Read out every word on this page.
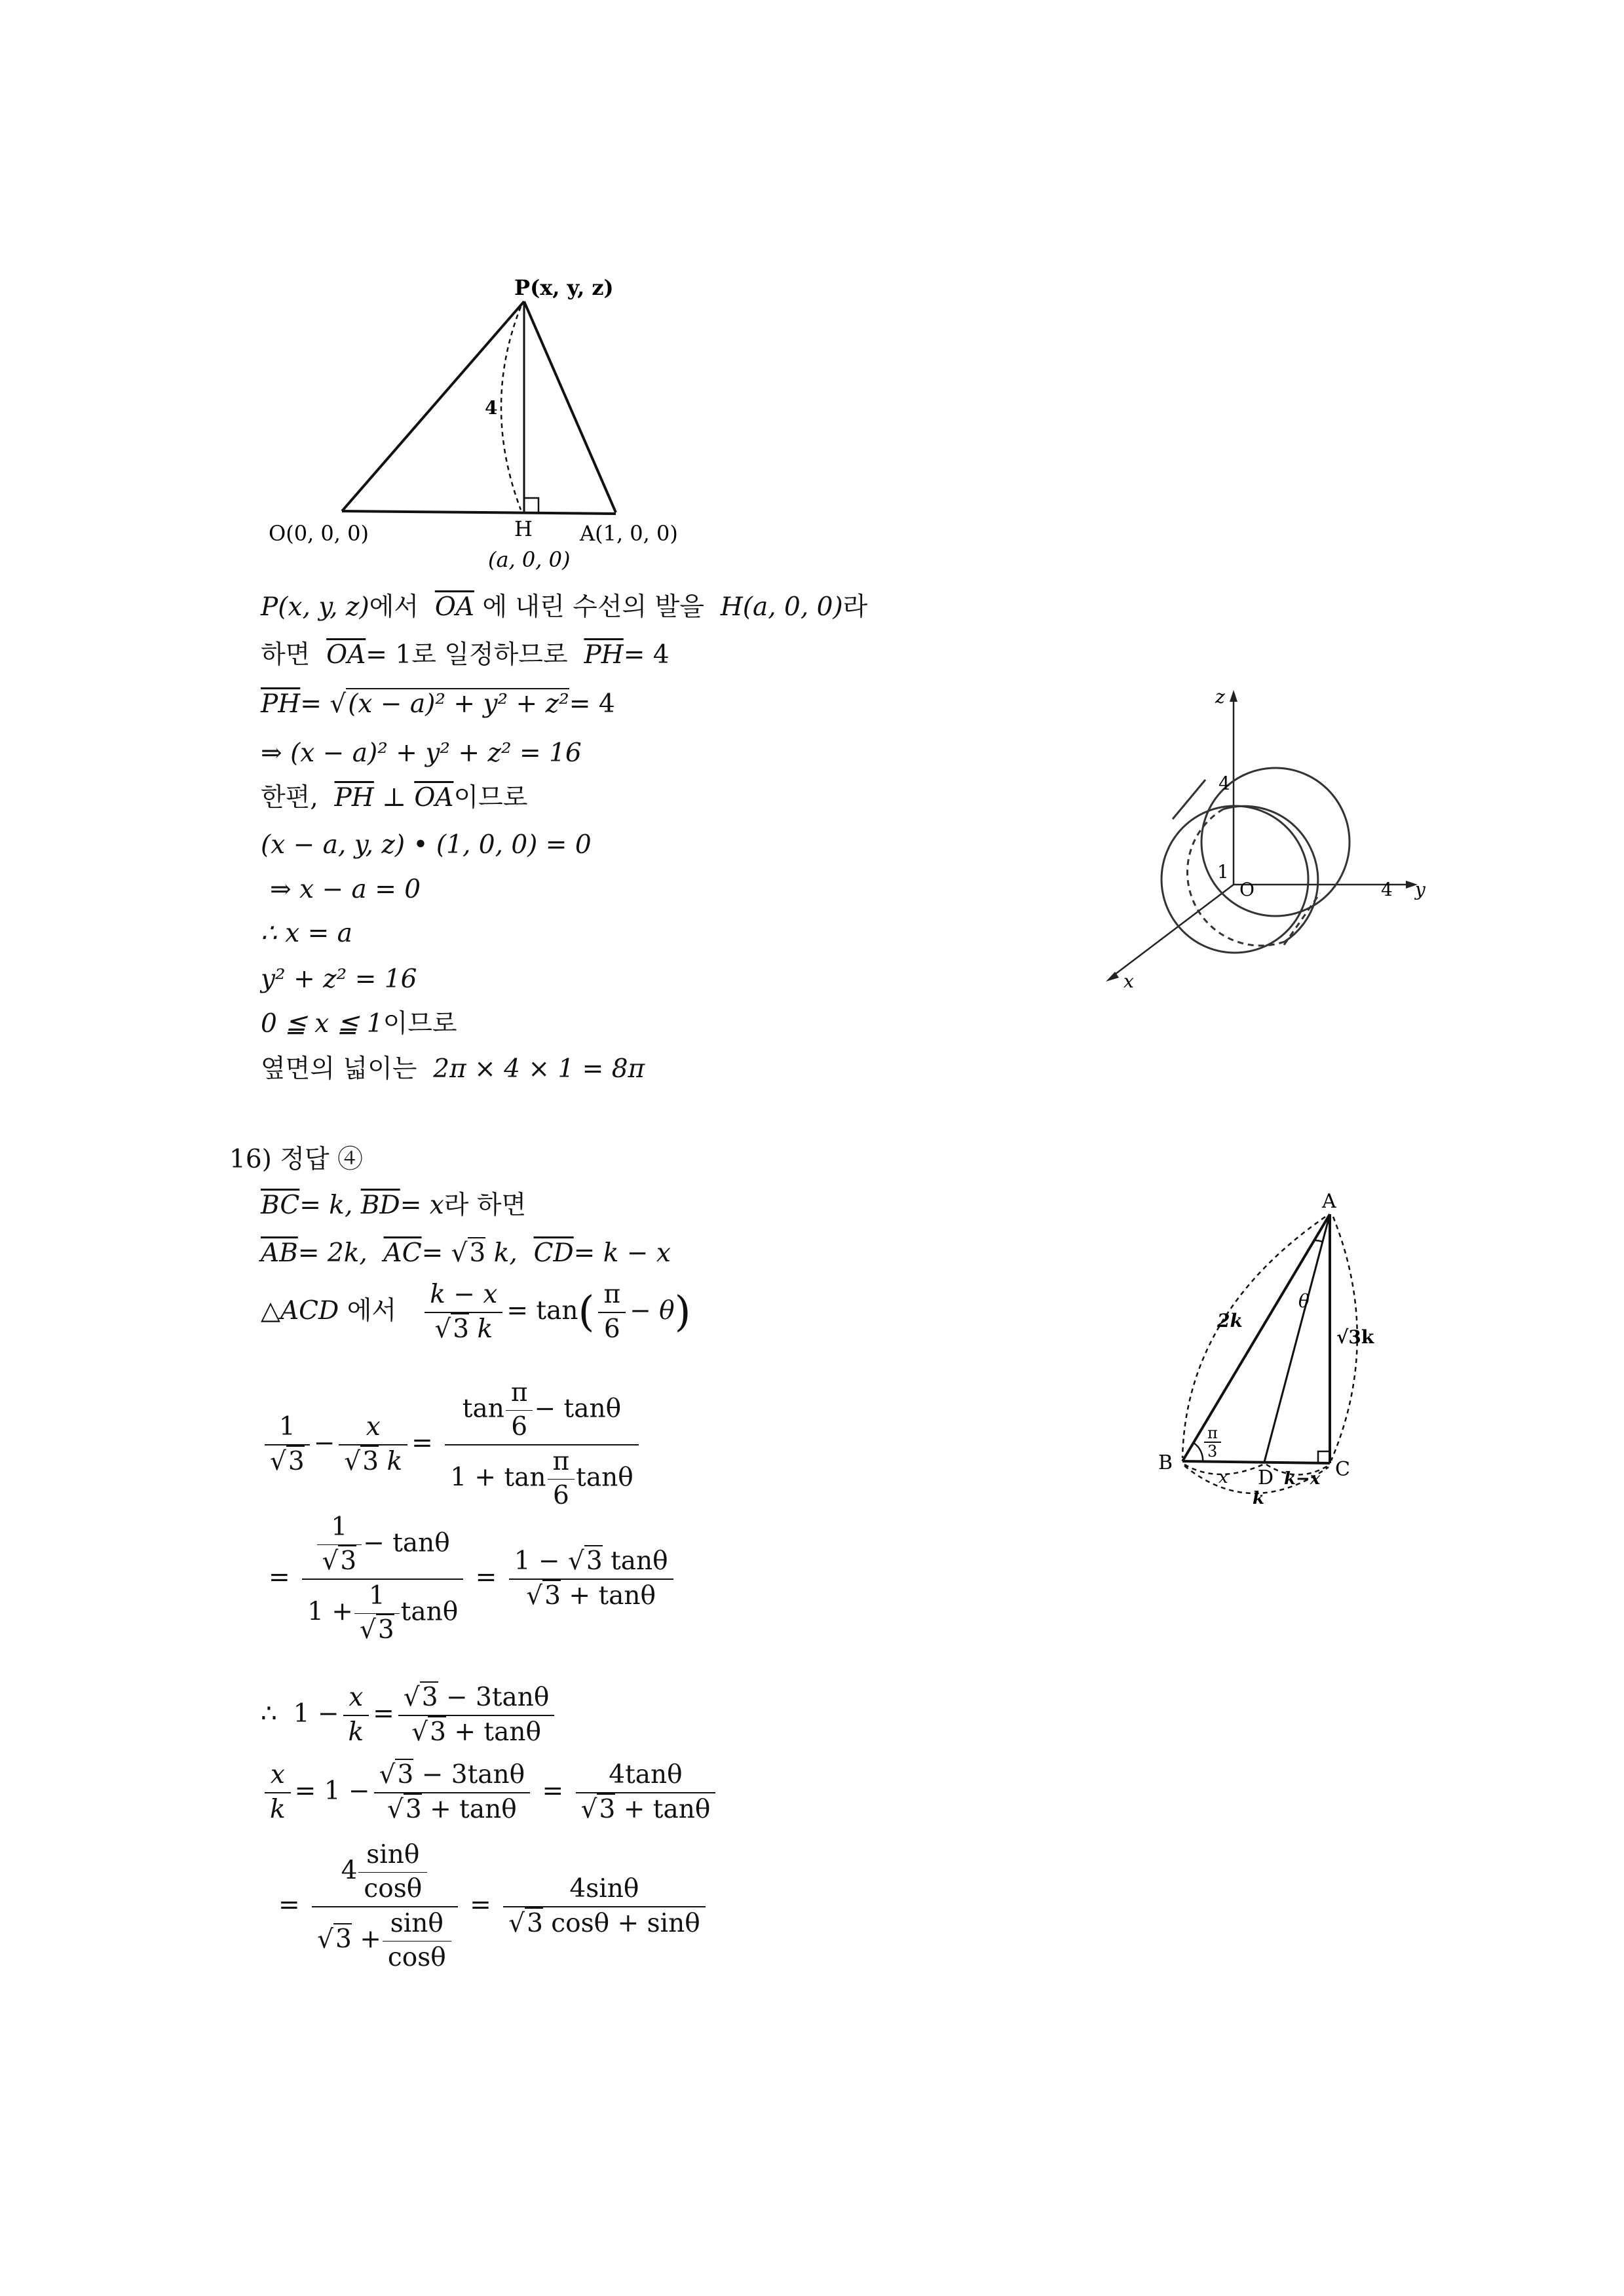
P(x, y, z)
4
O(0, 0, 0)	H
(a, 0, 0)
A(1, 0, 0)
P(x, y, z)에서 $\overline{OA}$ 에 내린 수선의 발을 H(a, 0, 0)라
하면 $\overline{OA}= 1$로 일정하므로 $\overline{PH}= 4$
$\overline{PH}= √(x - a)^2 + y^2 + z^2= 4$
⇒ (x − a)² + y² + z² = 16
한편, $\overline{PH}$ ⊥ $\overline{OA}$이므로
(x − a, y, z) • (1, 0, 0) = 0
⇒ x − a = 0
∴ x = a
y² + z² = 16
0 ≦ x ≦ 1이므로
옆면의 넓이는 2π × 4 × 1 = 8π
z
y
x
O
4
4
1
16) 정답 ④
$\overline{BC}= k$, $\overline{BD}= x$라 하면
$\overline{AB}= 2k$, $\overline{AC}= √3$ k, $\overline{CD}= k - x$
△ACD 에서 $\frac{k - x}{√3 k} = \tan( \frac{\pi}{6} - \theta)$
$\frac{1}{√3} - \frac{x}{√3 k} = \frac{\tan \frac{\pi}{6} - \tan\theta}{1 + \tan \frac{\pi}{6} \tan\theta}$
= $\frac{\frac{1}{√3} - \tan\theta}{1 + \frac{1}{√3} \tan\theta} = \frac{1 - √3 \tan\theta}{√3 + \tan\theta}$
∴ $1 - \frac{x}{k} = \frac{√3 - 3\tan\theta}{√3 + \tan\theta}$
$\frac{x}{k} = 1 - \frac{√3 - 3\tan\theta}{√3 + \tan\theta} = \frac{4\tan\theta}{√3 + \tan\theta}$
= $\frac{4 \frac{\sin\theta}{\cos\theta}}{√3 + \frac{\sin\theta}{\cos\theta}} = \frac{4\sin\theta}{√3 \cos\theta + \sin\theta}$
A
B	C
D
2k
θ
√3k
π
3
x	k−x
k
